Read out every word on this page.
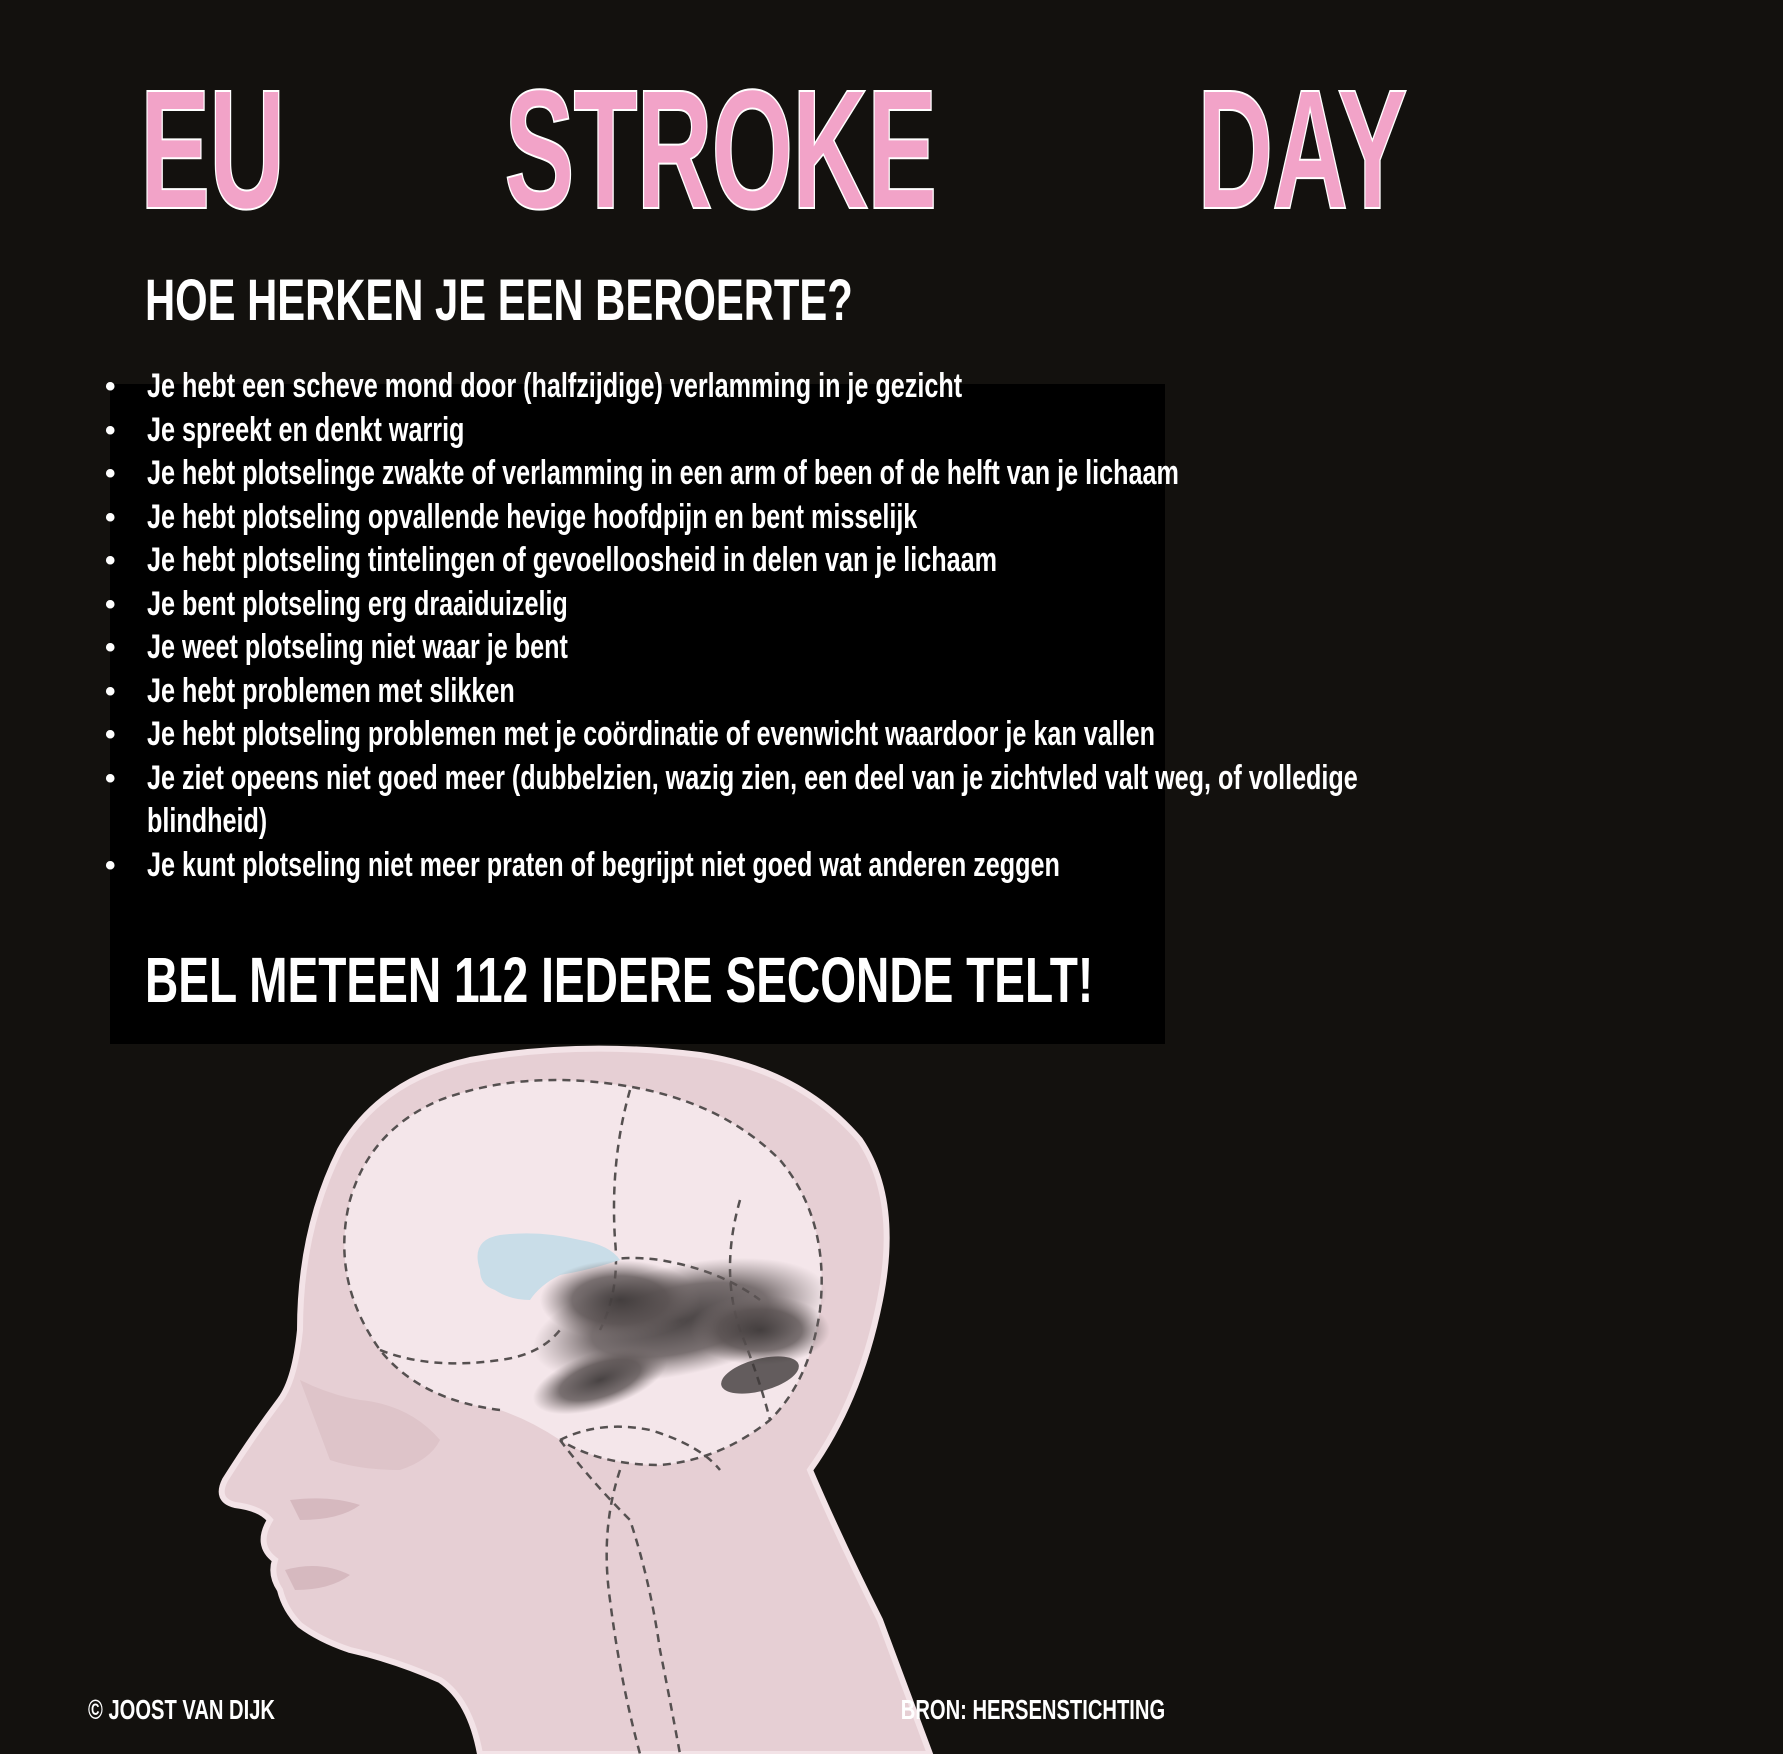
EU STROKE DAY
HOE HERKEN JE EEN BEROERTE?
• Je hebt een scheve mond door (halfzijdige) verlamming in je gezicht
• Je spreekt en denkt warrig
• Je hebt plotselinge zwakte of verlamming in een arm of been of de helft van je lichaam
• Je hebt plotseling opvallende hevige hoofdpijn en bent misselijk
• Je hebt plotseling tintelingen of gevoelloosheid in delen van je lichaam
• Je bent plotseling erg draaiduizelig
• Je weet plotseling niet waar je bent
• Je hebt problemen met slikken
• Je hebt plotseling problemen met je coördinatie of evenwicht waardoor je kan vallen
• Je ziet opeens niet goed meer (dubbelzien, wazig zien, een deel van je zichtvled valt weg, of volledige
blindheid)
• Je kunt plotseling niet meer praten of begrijpt niet goed wat anderen zeggen
BEL METEEN 112 IEDERE SECONDE TELT!
© JOOST VAN DIJK	BRON: HERSENSTICHTING
